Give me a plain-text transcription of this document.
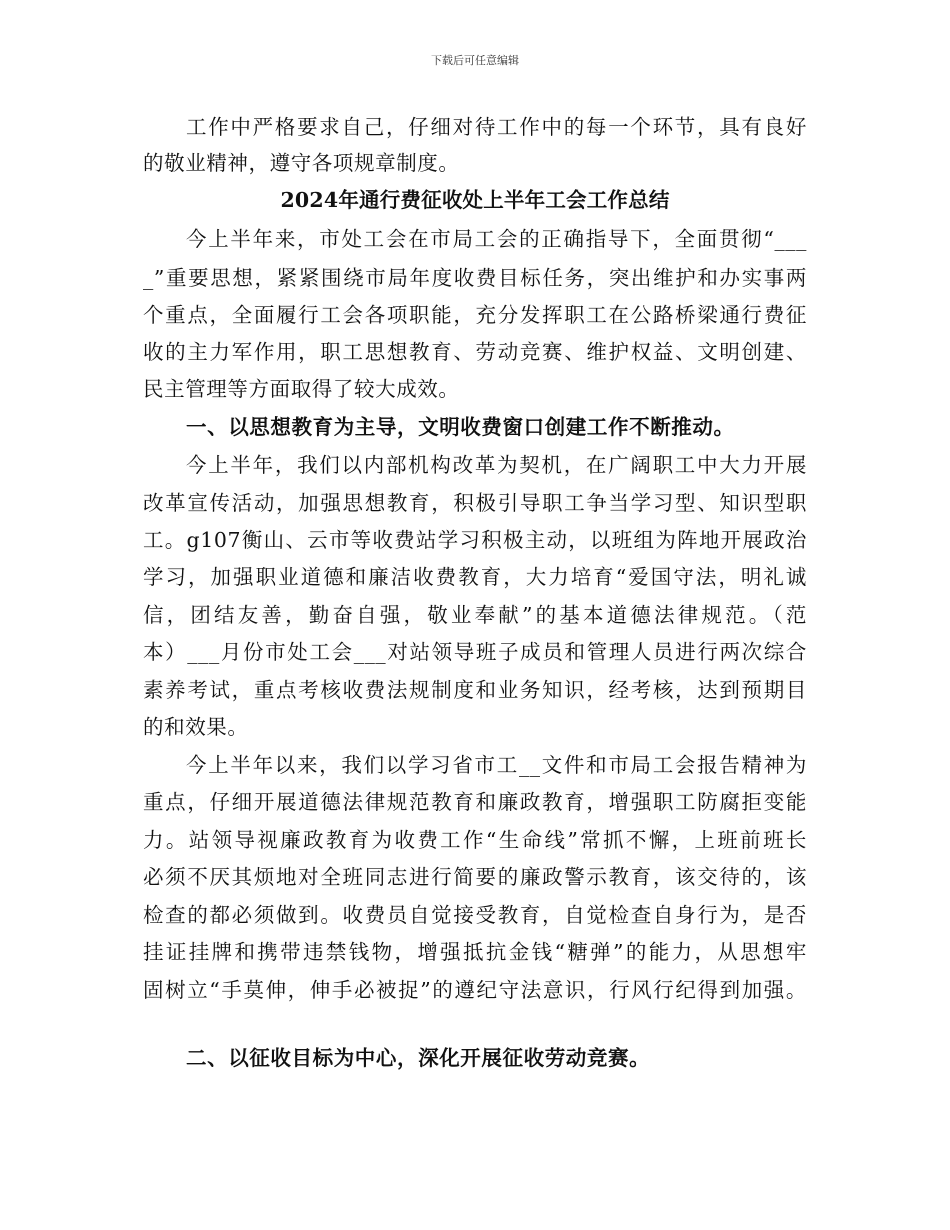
下载后可任意编辑
工作中严格要求自己，仔细对待工作中的每一个环节，具有良好
的敬业精神，遵守各项规章制度。
2024年通行费征收处上半年工会工作总结
今上半年来，市处工会在市局工会的正确指导下，全面贯彻“___
_”重要思想，紧紧围绕市局年度收费目标任务，突出维护和办实事两
个重点，全面履行工会各项职能，充分发挥职工在公路桥梁通行费征
收的主力军作用，职工思想教育、劳动竞赛、维护权益、文明创建、
民主管理等方面取得了较大成效。
一、以思想教育为主导，文明收费窗口创建工作不断推动。
今上半年，我们以内部机构改革为契机，在广阔职工中大力开展
改革宣传活动，加强思想教育，积极引导职工争当学习型、知识型职
工。g107衡山、云市等收费站学习积极主动，以班组为阵地开展政治
学习，加强职业道德和廉洁收费教育，大力培育“爱国守法，明礼诚
信，团结友善，勤奋自强，敬业奉献”的基本道德法律规范。（范
本）___月份市处工会___对站领导班子成员和管理人员进行两次综合
素养考试，重点考核收费法规制度和业务知识，经考核，达到预期目
的和效果。
今上半年以来，我们以学习省市工__文件和市局工会报告精神为
重点，仔细开展道德法律规范教育和廉政教育，增强职工防腐拒变能
力。站领导视廉政教育为收费工作“生命线”常抓不懈，上班前班长
必须不厌其烦地对全班同志进行简要的廉政警示教育，该交待的，该
检查的都必须做到。收费员自觉接受教育，自觉检查自身行为，是否
挂证挂牌和携带违禁钱物，增强抵抗金钱“糖弹”的能力，从思想牢
固树立“手莫伸，伸手必被捉”的遵纪守法意识，行风行纪得到加强。
二、以征收目标为中心，深化开展征收劳动竞赛。
